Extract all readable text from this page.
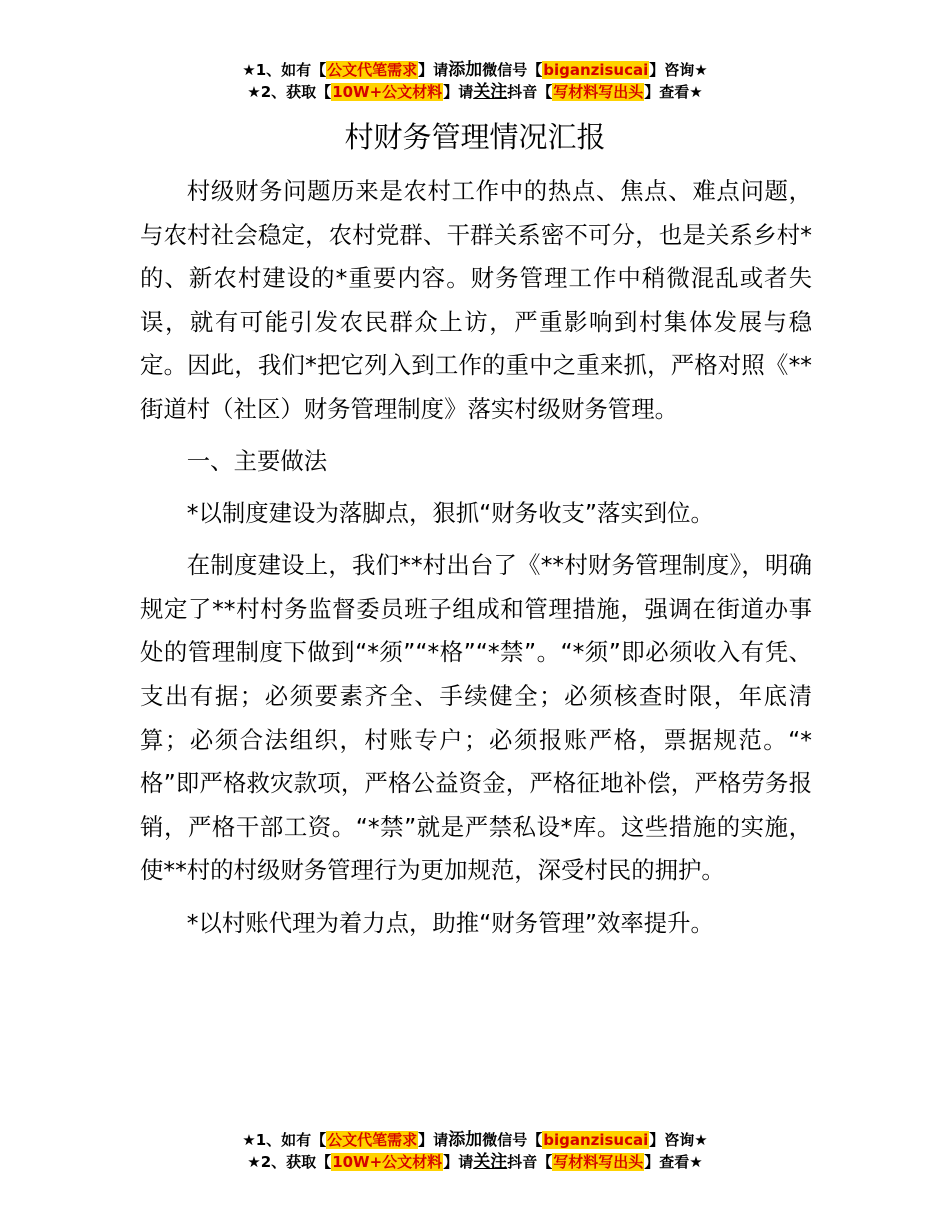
★1、如有【公文代笔需求】请添加微信号【biganzisucai】咨询★
★2、获取【10W+公文材料】请关注抖音【写材料写出头】查看★
村财务管理情况汇报

村级财务问题历来是农村工作中的热点、焦点、难点问题，与农村社会稳定，农村党群、干群关系密不可分，也是关系乡村*的、新农村建设的*重要内容。财务管理工作中稍微混乱或者失误，就有可能引发农民群众上访，严重影响到村集体发展与稳定。因此，我们*把它列入到工作的重中之重来抓，严格对照《**街道村（社区）财务管理制度》落实村级财务管理。

一、主要做法

*以制度建设为落脚点，狠抓“财务收支”落实到位。

在制度建设上，我们**村出台了《**村财务管理制度》，明确规定了**村村务监督委员班子组成和管理措施，强调在街道办事处的管理制度下做到“*须”“*格”“*禁”。“*须”即必须收入有凭、支出有据；必须要素齐全、手续健全；必须核查时限，年底清算；必须合法组织，村账专户；必须报账严格，票据规范。“*格”即严格救灾款项，严格公益资金，严格征地补偿，严格劳务报销，严格干部工资。“*禁”就是严禁私设*库。这些措施的实施，使**村的村级财务管理行为更加规范，深受村民的拥护。

*以村账代理为着力点，助推“财务管理”效率提升。

★1、如有【公文代笔需求】请添加微信号【biganzisucai】咨询★
★2、获取【10W+公文材料】请关注抖音【写材料写出头】查看★
